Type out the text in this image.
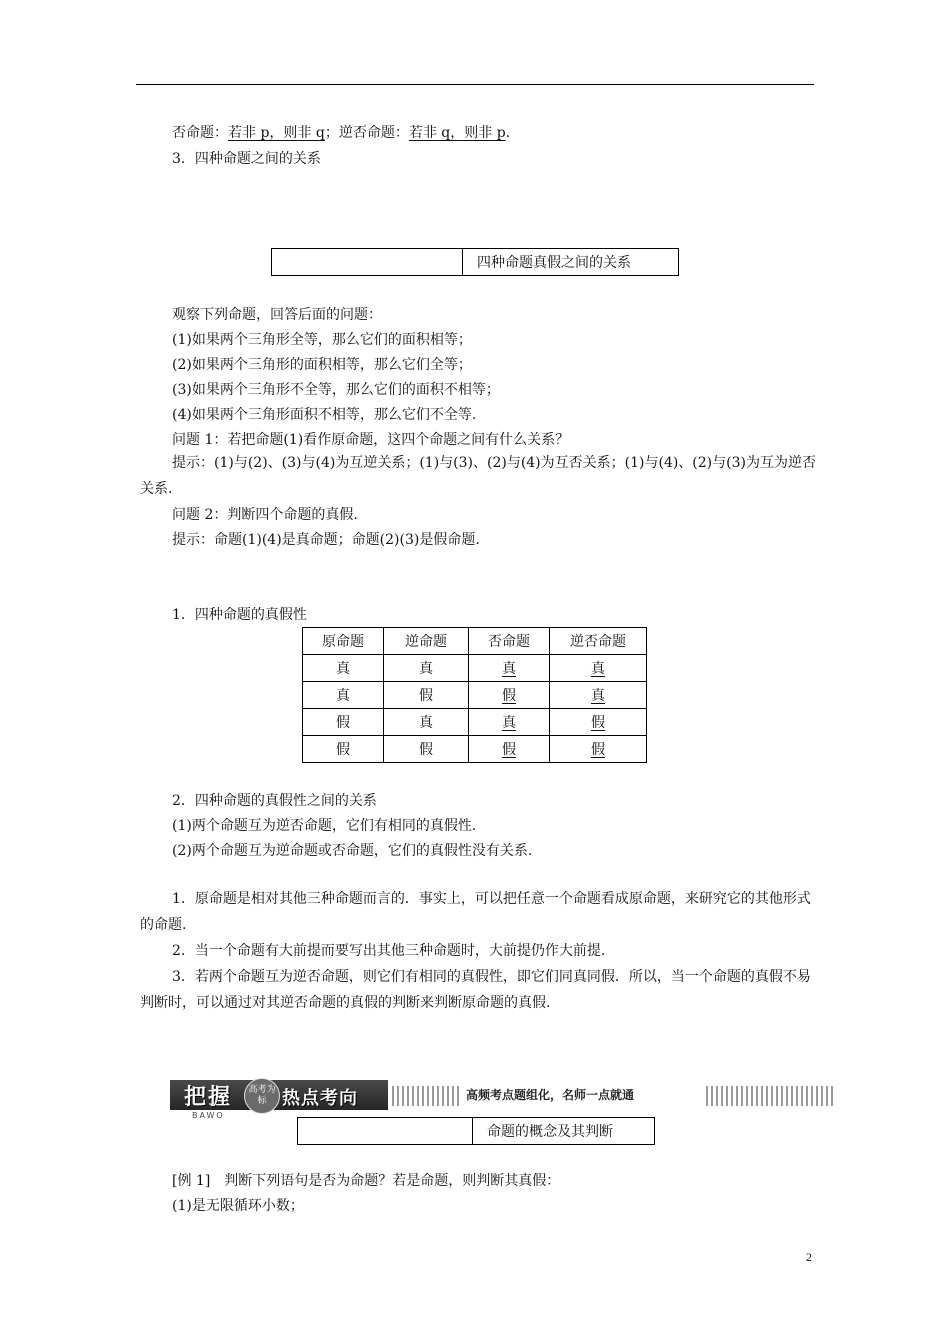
否命题：若非 p，则非 q；逆否命题：若非 q，则非 p.
3．四种命题之间的关系
四种命题真假之间的关系
观察下列命题，回答后面的问题：
(1)如果两个三角形全等，那么它们的面积相等；
(2)如果两个三角形的面积相等，那么它们全等；
(3)如果两个三角形不全等，那么它们的面积不相等；
(4)如果两个三角形面积不相等，那么它们不全等.
问题 1：若把命题(1)看作原命题，这四个命题之间有什么关系？
提示：(1)与(2)、(3)与(4)为互逆关系；(1)与(3)、(2)与(4)为互否关系；(1)与(4)、(2)与(3)为互为逆否关系.
问题 2：判断四个命题的真假.
提示：命题(1)(4)是真命题；命题(2)(3)是假命题.
1．四种命题的真假性
原命题	逆命题	否命题	逆否命题
真	真	真	真
真	假	假	真
假	真	真	假
假	假	假	假
2．四种命题的真假性之间的关系
(1)两个命题互为逆否命题，它们有相同的真假性.
(2)两个命题互为逆命题或否命题，它们的真假性没有关系.
1．原命题是相对其他三种命题而言的．事实上，可以把任意一个命题看成原命题，来研究它的其他形式的命题.
2．当一个命题有大前提而要写出其他三种命题时，大前提仍作大前提.
3．若两个命题互为逆否命题，则它们有相同的真假性，即它们同真同假．所以，当一个命题的真假不易判断时，可以通过对其逆否命题的真假的判断来判断原命题的真假.
把握	高考为标 热点考向
BAWO
高频考点题组化，名师一点就通
命题的概念及其判断
[例 1]　判断下列语句是否为命题？若是命题，则判断其真假：
(1)是无限循环小数；
2
